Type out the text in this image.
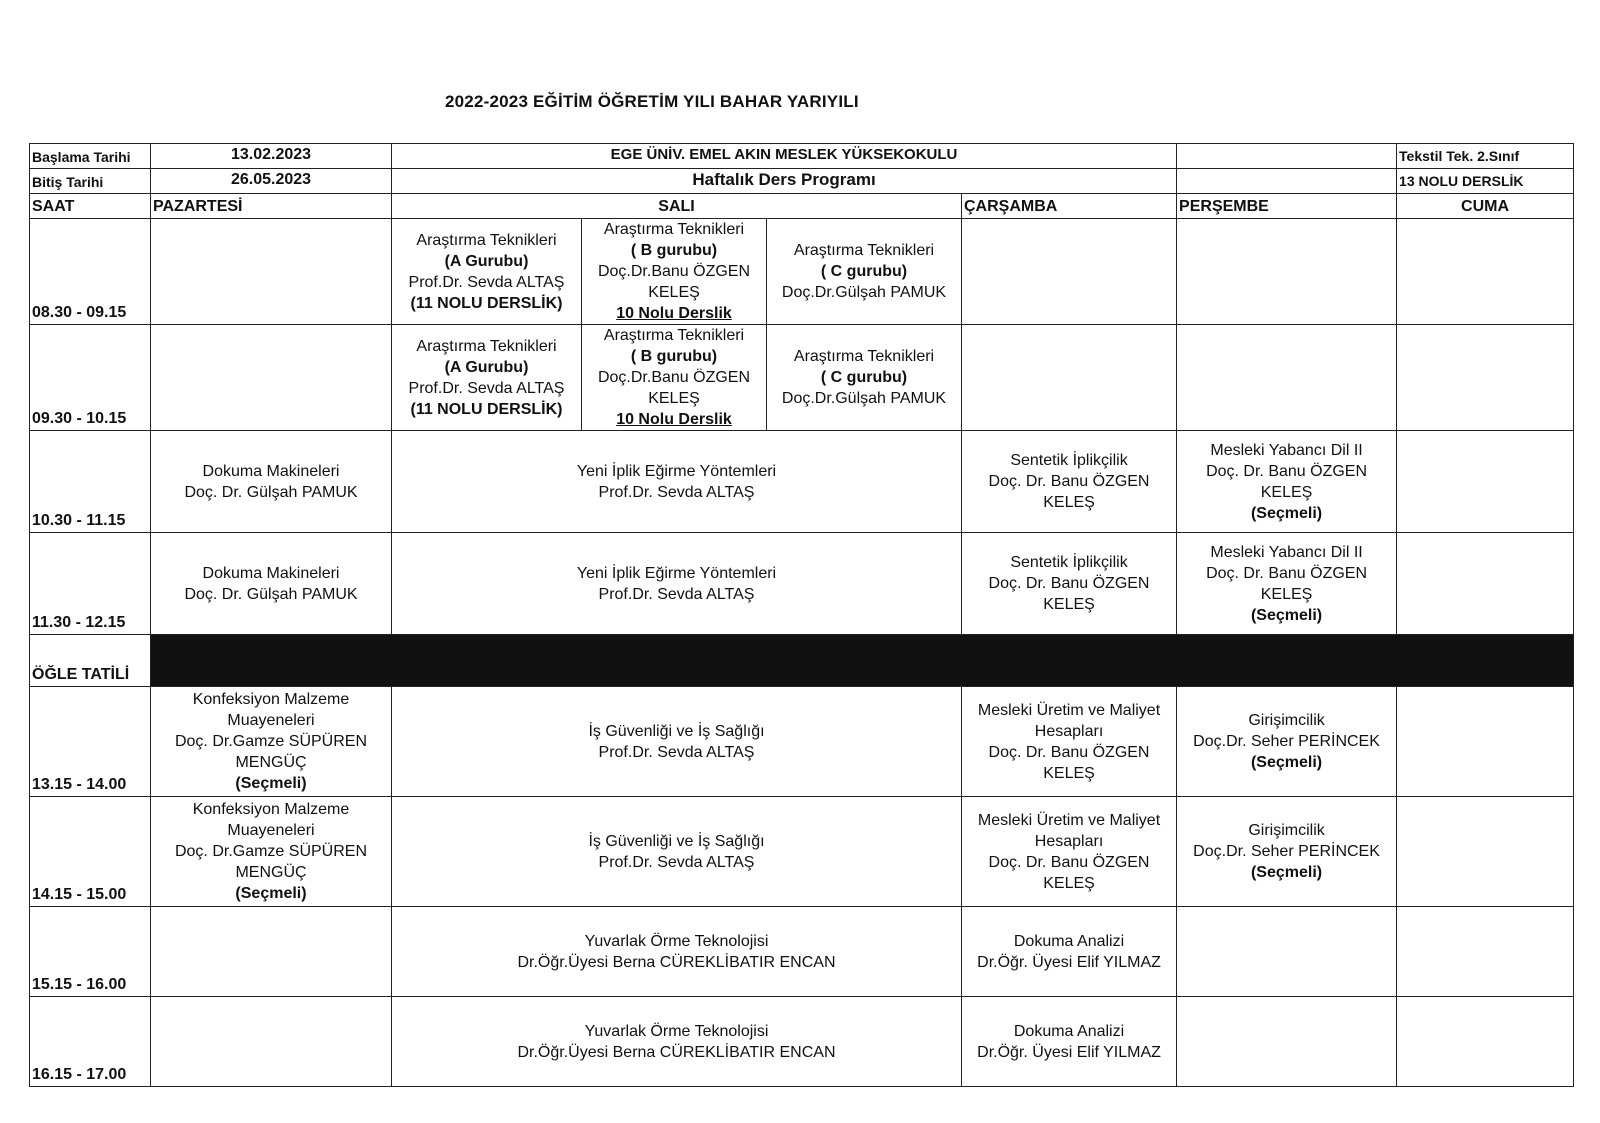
2022-2023 EĞİTİM ÖĞRETİM YILI BAHAR YARIYILI
Başlama Tarihi	13.02.2023	EGE ÜNİV. EMEL AKIN MESLEK YÜKSEKOKULU					Tekstil Tek. 2.Sınıf
Bitiş Tarihi	26.05.2023	Haftalık Ders Programı					13 NOLU DERSLİK
SAAT	PAZARTESİ	SALI			ÇARŞAMBA	PERŞEMBE	CUMA
08.30 - 09.15		Araştırma Teknikleri
(A Gurubu)
Prof.Dr. Sevda ALTAŞ
(11 NOLU DERSLİK)	Araştırma Teknikleri
( B gurubu)
Doç.Dr.Banu ÖZGEN
KELEŞ
10 Nolu Derslik	Araştırma Teknikleri
( C gurubu)
Doç.Dr.Gülşah PAMUK			

09.30 - 10.15		Araştırma Teknikleri
(A Gurubu)
Prof.Dr. Sevda ALTAŞ
(11 NOLU DERSLİK)	Araştırma Teknikleri
( B gurubu)
Doç.Dr.Banu ÖZGEN
KELEŞ
10 Nolu Derslik	Araştırma Teknikleri
( C gurubu)
Doç.Dr.Gülşah PAMUK			

10.30 - 11.15	Dokuma Makineleri
Doç. Dr. Gülşah PAMUK	Yeni İplik Eğirme Yöntemleri
Prof.Dr. Sevda ALTAŞ			Sentetik İplikçilik
Doç. Dr. Banu ÖZGEN
KELEŞ	Mesleki Yabancı Dil II
Doç. Dr. Banu ÖZGEN
KELEŞ
(Seçmeli)	

11.30 - 12.15	Dokuma Makineleri
Doç. Dr. Gülşah PAMUK	Yeni İplik Eğirme Yöntemleri
Prof.Dr. Sevda ALTAŞ			Sentetik İplikçilik
Doç. Dr. Banu ÖZGEN
KELEŞ	Mesleki Yabancı Dil II
Doç. Dr. Banu ÖZGEN
KELEŞ
(Seçmeli)	

ÖĞLE TATİLİ							
13.15 - 14.00	Konfeksiyon Malzeme
Muayeneleri
Doç. Dr.Gamze SÜPÜREN
MENGÜÇ
(Seçmeli)	İş Güvenliği ve İş Sağlığı
Prof.Dr. Sevda ALTAŞ			Mesleki Üretim ve Maliyet
Hesapları
Doç. Dr. Banu ÖZGEN
KELEŞ	Girişimcilik
Doç.Dr. Seher PERİNCEK
(Seçmeli)	

14.15 - 15.00	Konfeksiyon Malzeme
Muayeneleri
Doç. Dr.Gamze SÜPÜREN
MENGÜÇ
(Seçmeli)	İş Güvenliği ve İş Sağlığı
Prof.Dr. Sevda ALTAŞ			Mesleki Üretim ve Maliyet
Hesapları
Doç. Dr. Banu ÖZGEN
KELEŞ	Girişimcilik
Doç.Dr. Seher PERİNCEK
(Seçmeli)	

15.15 - 16.00		Yuvarlak Örme Teknolojisi
Dr.Öğr.Üyesi Berna CÜREKLİBATIR ENCAN			Dokuma Analizi
Dr.Öğr. Üyesi Elif YILMAZ		

16.15 - 17.00		Yuvarlak Örme Teknolojisi
Dr.Öğr.Üyesi Berna CÜREKLİBATIR ENCAN			Dokuma Analizi
Dr.Öğr. Üyesi Elif YILMAZ		
